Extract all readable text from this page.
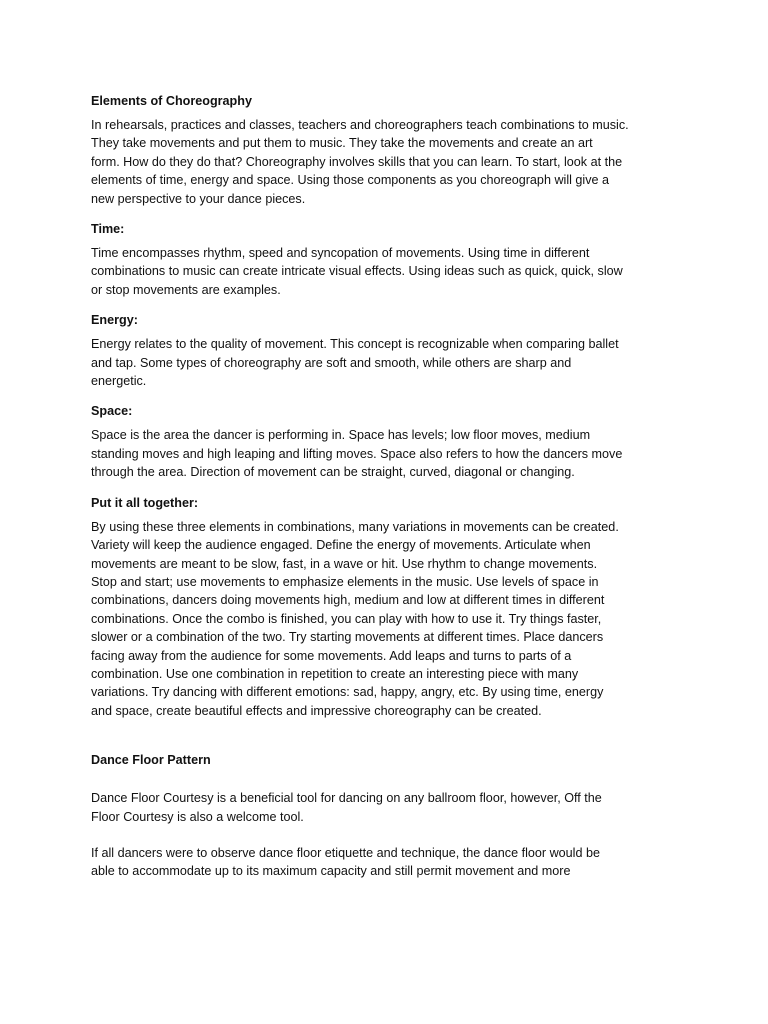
Elements of Choreography

In rehearsals, practices and classes, teachers and choreographers teach combinations to music.
They take movements and put them to music. They take the movements and create an art
form. How do they do that? Choreography involves skills that you can learn. To start, look at the
elements of time, energy and space. Using those components as you choreograph will give a
new perspective to your dance pieces.

Time:

Time encompasses rhythm, speed and syncopation of movements. Using time in different
combinations to music can create intricate visual effects. Using ideas such as quick, quick, slow
or stop movements are examples.

Energy:

Energy relates to the quality of movement. This concept is recognizable when comparing ballet
and tap. Some types of choreography are soft and smooth, while others are sharp and
energetic.

Space:

Space is the area the dancer is performing in. Space has levels; low floor moves, medium
standing moves and high leaping and lifting moves. Space also refers to how the dancers move
through the area. Direction of movement can be straight, curved, diagonal or changing.

Put it all together:

By using these three elements in combinations, many variations in movements can be created.
Variety will keep the audience engaged. Define the energy of movements. Articulate when
movements are meant to be slow, fast, in a wave or hit. Use rhythm to change movements.
Stop and start; use movements to emphasize elements in the music. Use levels of space in
combinations, dancers doing movements high, medium and low at different times in different
combinations. Once the combo is finished, you can play with how to use it. Try things faster,
slower or a combination of the two. Try starting movements at different times. Place dancers
facing away from the audience for some movements. Add leaps and turns to parts of a
combination. Use one combination in repetition to create an interesting piece with many
variations. Try dancing with different emotions: sad, happy, angry, etc. By using time, energy
and space, create beautiful effects and impressive choreography can be created.

Dance Floor Pattern

Dance Floor Courtesy is a beneficial tool for dancing on any ballroom floor, however, Off the
Floor Courtesy is also a welcome tool.

If all dancers were to observe dance floor etiquette and technique, the dance floor would be
able to accommodate up to its maximum capacity and still permit movement and more
